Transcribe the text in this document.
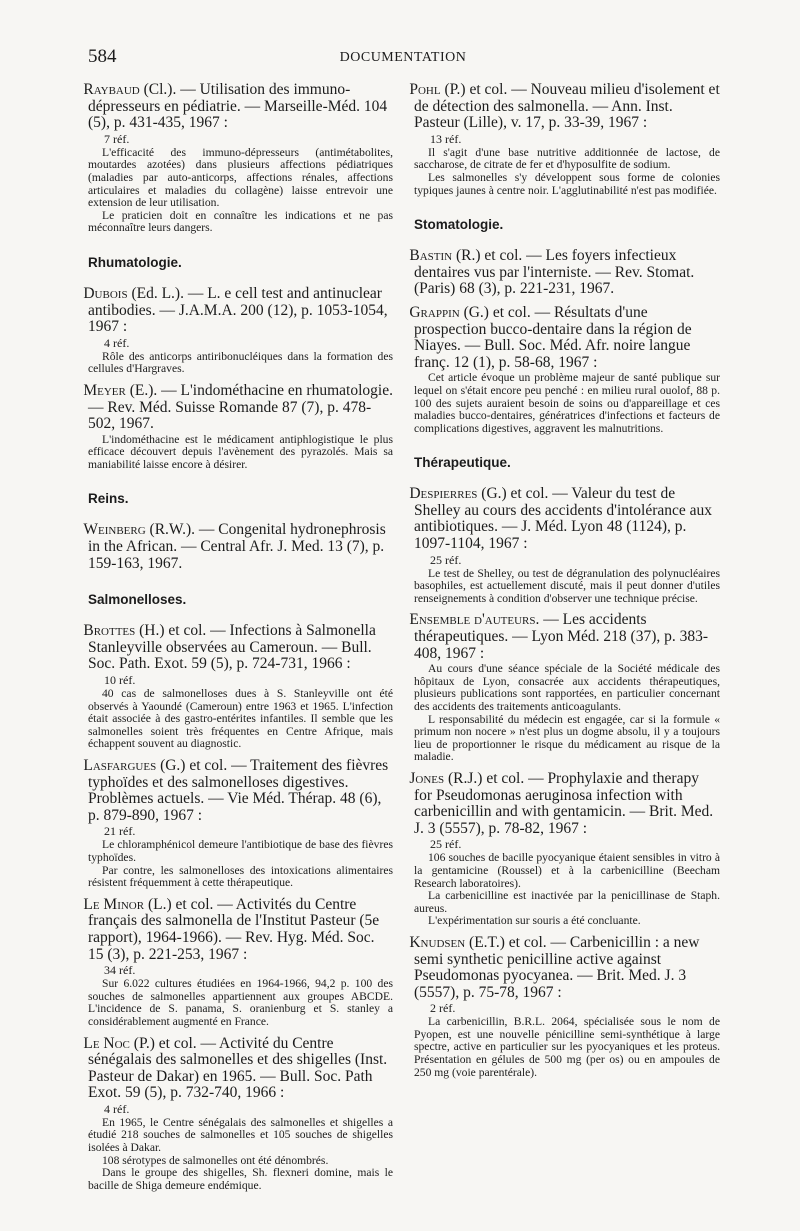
584	DOCUMENTATION
Raybaud (Cl.). — Utilisation des immuno-dépresseurs en pédiatrie. — Marseille-Méd. 104 (5), p. 431-435, 1967 :
7 réf.

L'efficacité des immuno-dépresseurs (antimétabolites, moutardes azotées) dans plusieurs affections pédiatriques (maladies par auto-anticorps, affections rénales, affections articulaires et maladies du collagène) laisse entrevoir une extension de leur utilisation.

Le praticien doit en connaître les indications et ne pas méconnaître leurs dangers.

Rhumatologie.
Dubois (Ed. L.). — L. e cell test and antinuclear antibodies. — J.A.M.A. 200 (12), p. 1053-1054, 1967 :
4 réf.

Rôle des anticorps antiribonucléiques dans la formation des cellules d'Hargraves.

Meyer (E.). — L'indométhacine en rhumatologie. — Rev. Méd. Suisse Romande 87 (7), p. 478-502, 1967.

L'indométhacine est le médicament antiphlogistique le plus efficace découvert depuis l'avènement des pyrazolés. Mais sa maniabilité laisse encore à désirer.

Reins.
Weinberg (R.W.). — Congenital hydronephrosis in the African. — Central Afr. J. Med. 13 (7), p. 159-163, 1967.
Salmonelloses.
Brottes (H.) et col. — Infections à Salmonella Stanleyville observées au Cameroun. — Bull. Soc. Path. Exot. 59 (5), p. 724-731, 1966 :
10 réf.

40 cas de salmonelloses dues à S. Stanleyville ont été observés à Yaoundé (Cameroun) entre 1963 et 1965. L'infection était associée à des gastro-entérites infantiles. Il semble que les salmonelles soient très fréquentes en Centre Afrique, mais échappent souvent au diagnostic.

Lasfargues (G.) et col. — Traitement des fièvres typhoïdes et des salmonelloses digestives. Problèmes actuels. — Vie Méd. Thérap. 48 (6), p. 879-890, 1967 :
21 réf.

Le chloramphénicol demeure l'antibiotique de base des fièvres typhoïdes.

Par contre, les salmonelloses des intoxications alimentaires résistent fréquemment à cette thérapeutique.

Le Minor (L.) et col. — Activités du Centre français des salmonella de l'Institut Pasteur (5e rapport), 1964-1966). — Rev. Hyg. Méd. Soc. 15 (3), p. 221-253, 1967 :
34 réf.

Sur 6.022 cultures étudiées en 1964-1966, 94,2 p. 100 des souches de salmonelles appartiennent aux groupes ABCDE. L'incidence de S. panama, S. oranienburg et S. stanley a considérablement augmenté en France.

Le Noc (P.) et col. — Activité du Centre sénégalais des salmonelles et des shigelles (Inst. Pasteur de Dakar) en 1965. — Bull. Soc. Path Exot. 59 (5), p. 732-740, 1966 :
4 réf.

En 1965, le Centre sénégalais des salmonelles et shigelles a étudié 218 souches de salmonelles et 105 souches de shigelles isolées à Dakar.

108 sérotypes de salmonelles ont été dénombrés.

Dans le groupe des shigelles, Sh. flexneri domine, mais le bacille de Shiga demeure endémique.

Pohl (P.) et col. — Nouveau milieu d'isolement et de détection des salmonella. — Ann. Inst. Pasteur (Lille), v. 17, p. 33-39, 1967 :
13 réf.

Il s'agit d'une base nutritive additionnée de lactose, de saccharose, de citrate de fer et d'hyposulfite de sodium.

Les salmonelles s'y développent sous forme de colonies typiques jaunes à centre noir. L'agglutinabilité n'est pas modifiée.

Stomatologie.
Bastin (R.) et col. — Les foyers infectieux dentaires vus par l'interniste. — Rev. Stomat. (Paris) 68 (3), p. 221-231, 1967.
Grappin (G.) et col. — Résultats d'une prospection bucco-dentaire dans la région de Niayes. — Bull. Soc. Méd. Afr. noire langue franç. 12 (1), p. 58-68, 1967 :

Cet article évoque un problème majeur de santé publique sur lequel on s'était encore peu penché : en milieu rural ouolof, 88 p. 100 des sujets auraient besoin de soins ou d'appareillage et ces maladies bucco-dentaires, génératrices d'infections et facteurs de complications digestives, aggravent les malnutritions.

Thérapeutique.
Despierres (G.) et col. — Valeur du test de Shelley au cours des accidents d'intolérance aux antibiotiques. — J. Méd. Lyon 48 (1124), p. 1097-1104, 1967 :
25 réf.

Le test de Shelley, ou test de dégranulation des polynucléaires basophiles, est actuellement discuté, mais il peut donner d'utiles renseignements à condition d'observer une technique précise.

Ensemble d'auteurs. — Les accidents thérapeutiques. — Lyon Méd. 218 (37), p. 383-408, 1967 :

Au cours d'une séance spéciale de la Société médicale des hôpitaux de Lyon, consacrée aux accidents thérapeutiques, plusieurs publications sont rapportées, en particulier concernant des accidents des traitements anticoagulants.

L responsabilité du médecin est engagée, car si la formule « primum non nocere » n'est plus un dogme absolu, il y a toujours lieu de proportionner le risque du médicament au risque de la maladie.

Jones (R.J.) et col. — Prophylaxie and therapy for Pseudomonas aeruginosa infection with carbenicillin and with gentamicin. — Brit. Med. J. 3 (5557), p. 78-82, 1967 :
25 réf.

106 souches de bacille pyocyanique étaient sensibles in vitro à la gentamicine (Roussel) et à la carbenicilline (Beecham Research laboratoires).

La carbenicilline est inactivée par la penicillinase de Staph. aureus.

L'expérimentation sur souris a été concluante.

Knudsen (E.T.) et col. — Carbenicillin : a new semi synthetic penicilline active against Pseudomonas pyocyanea. — Brit. Med. J. 3 (5557), p. 75-78, 1967 :
2 réf.

La carbenicillin, B.R.L. 2064, spécialisée sous le nom de Pyopen, est une nouvelle pénicilline semi-synthétique à large spectre, active en particulier sur les pyocyaniques et les proteus. Présentation en gélules de 500 mg (per os) ou en ampoules de 250 mg (voie parentérale).
